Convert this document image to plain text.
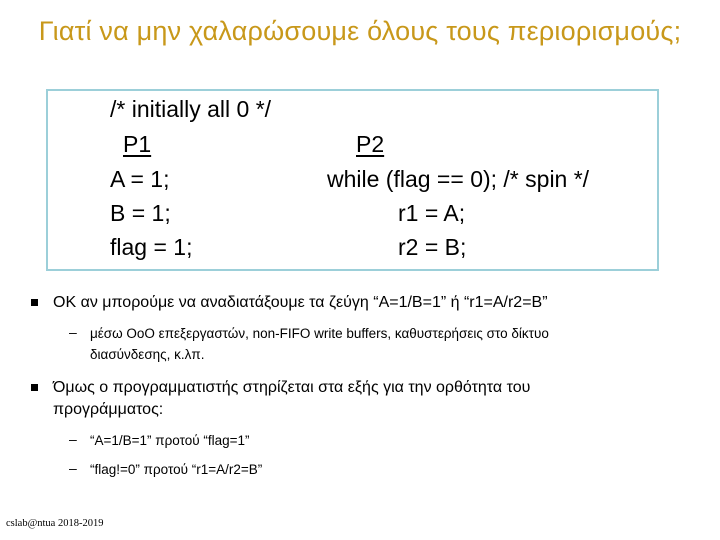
Γιατί να μην χαλαρώσουμε όλους τους περιορισμούς;
/* initially all 0 */
P1	P2
A = 1;
B = 1;
flag = 1;
while (flag == 0); /* spin */
r1 = A;
r2 = B;
OK αν μπορούμε να αναδιατάξουμε τα ζεύγη “A=1/B=1” ή “r1=A/r2=B”
– μέσω OoO επεξεργαστών, non-FIFO write buffers, καθυστερήσεις στο δίκτυο
διασύνδεσης, κ.λπ.
Όμως ο προγραμματιστής στηρίζεται στα εξής για την ορθότητα του
προγράμματος:
– “A=1/B=1” προτού “flag=1”
– “flag!=0” προτού “r1=A/r2=B”
cslab@ntua 2018-2019
